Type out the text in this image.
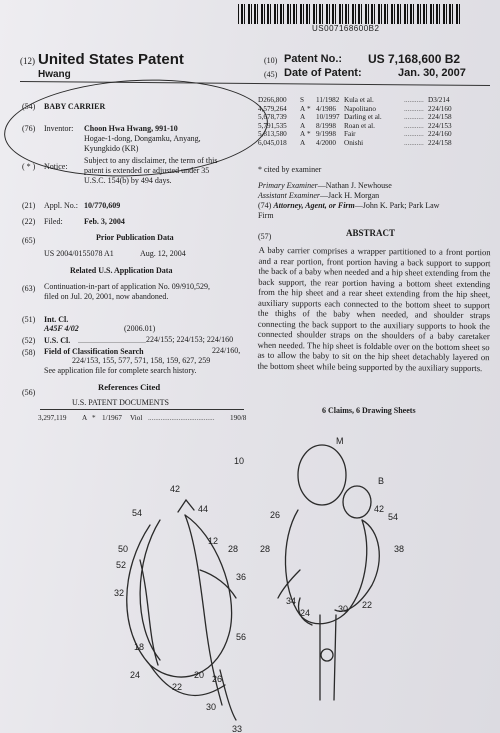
US007168600B2
(12) United States Patent
Hwang
(10) Patent No.: US 7,168,600 B2
(45) Date of Patent:	Jan. 30, 2007
(54) BABY CARRIER
(76) Inventor: Choon Hwa Hwang, 991-10
Hogae-1-dong, Dongamku, Anyang,
Kyungkido (KR)
( * ) Notice:
Subject to any disclaimer, the term of this
patent is extended or adjusted under 35
U.S.C. 154(b) by 494 days.
(21) Appl. No.: 10/770,609
(22) Filed:	Feb. 3, 2004
(65)	Prior Publication Data
US 2004/0155078 A1	Aug. 12, 2004
Related U.S. Application Data
(63) Continuation-in-part of application No. 09/910,529,
filed on Jul. 20, 2001, now abandoned.
(51) Int. Cl.
A45F 4/02	(2006.01)
(52) U.S. Cl. .................................. 224/155; 224/153; 224/160
(58) Field of Classification Search	224/160,
224/153, 155, 577, 571, 158, 159, 627, 259
See application file for complete search history.
(56)
References Cited
U.S. PATENT DOCUMENTS
3,297,119	A * 1/1967	Viol .....................................	190/8
D266,800	S	11/1982 Kula et al.	........... D3/214
4,579,264	A * 4/1986	Napolitano	........... 224/160
5,678,739	A 10/1997 Darling et al.	........... 224/158
5,791,535	A 8/1998	Roan et al.	........... 224/153
5,813,580	A * 9/1998	Fair	........... 224/160
6,045,018	A 4/2000	Onishi	........... 224/158
* cited by examiner
Primary Examiner—Nathan J. Newhouse
Assistant Examiner—Jack H. Morgan
(74) Attorney, Agent, or Firm—John K. Park; Park Law
Firm
(57)	ABSTRACT
A baby carrier comprises a wrapper partitioned to a front portion and a rear portion, front portion having a back support to support the back of a baby when needed and a hip sheet extending from the back support, the rear portion having a bottom sheet extending from the hip sheet and a rear sheet extending from the hip sheet, auxiliary supports each connected to the bottom sheet to support the thighs of the baby when needed, and shoulder straps connecting the back support to the auxiliary supports to hook the connected shoulder straps on the shoulders of a baby caretaker when needed. The hip sheet is foldable over on the bottom sheet so as to allow the baby to sit on the hip sheet detachably layered on the bottom sheet while being supported by the auxiliary supports.
6 Claims, 6 Drawing Sheets
10
42
44
54
12
28
50
52
36
32
18
56
24
22
20 26
30
33
M
B
26
42
54
28	38
34
30 22
24
